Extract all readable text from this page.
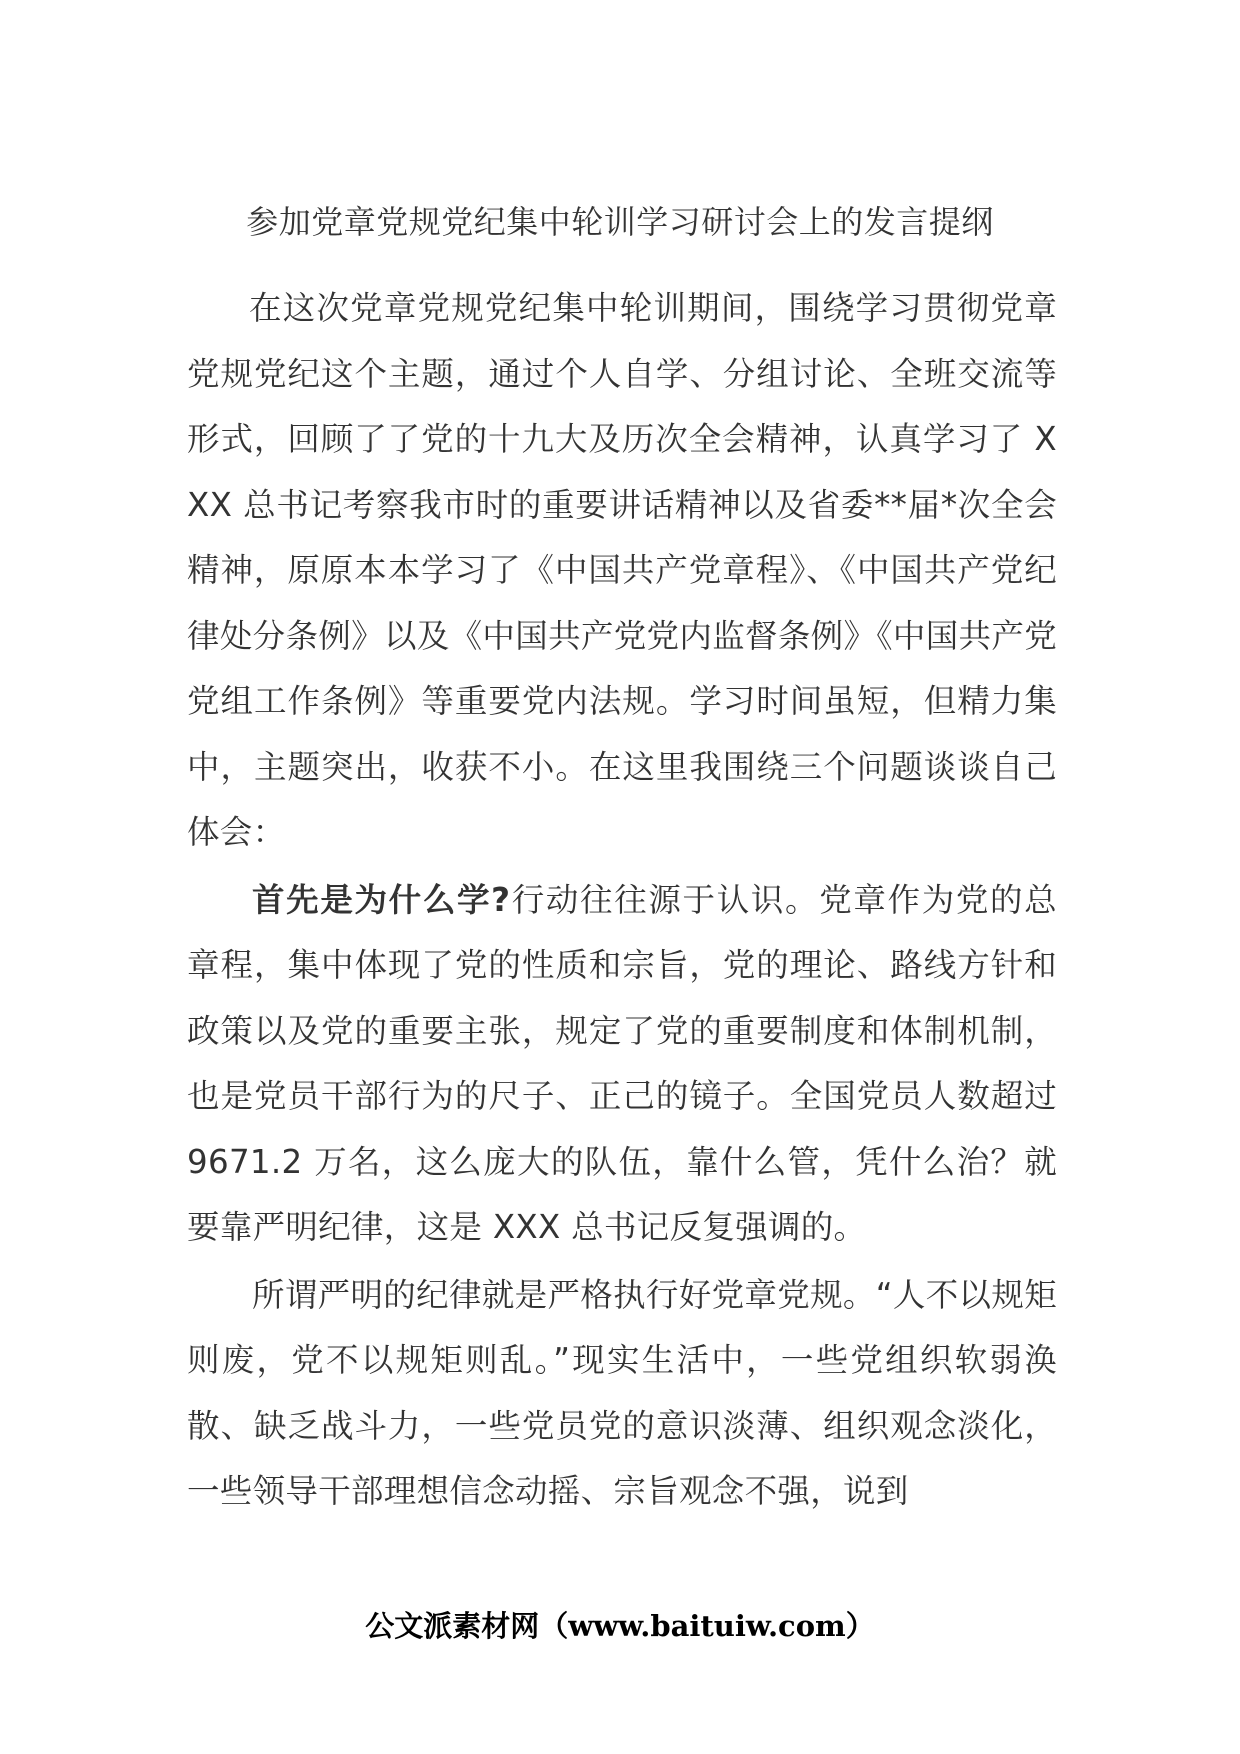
参加党章党规党纪集中轮训学习研讨会上的发言提纲

在这次党章党规党纪集中轮训期间，围绕学习贯彻党章党规党纪这个主题，通过个人自学、分组讨论、全班交流等形式，回顾了了党的十九大及历次全会精神，认真学习了 XXX 总书记考察我市时的重要讲话精神以及省委**届*次全会精神，原原本本学习了《中国共产党章程》、《中国共产党纪律处分条例》以及《中国共产党党内监督条例》《中国共产党党组工作条例》等重要党内法规。学习时间虽短，但精力集中，主题突出，收获不小。在这里我围绕三个问题谈谈自己体会：

首先是为什么学?行动往往源于认识。党章作为党的总章程，集中体现了党的性质和宗旨，党的理论、路线方针和政策以及党的重要主张，规定了党的重要制度和体制机制，也是党员干部行为的尺子、正己的镜子。全国党员人数超过 9671.2 万名，这么庞大的队伍，靠什么管，凭什么治？就要靠严明纪律，这是 XXX 总书记反复强调的。

所谓严明的纪律就是严格执行好党章党规。“人不以规矩则废，党不以规矩则乱。”现实生活中，一些党组织软弱涣散、缺乏战斗力，一些党员党的意识淡薄、组织观念淡化，一些领导干部理想信念动摇、宗旨观念不强，说到

公文派素材网（www.baituiw.com）
